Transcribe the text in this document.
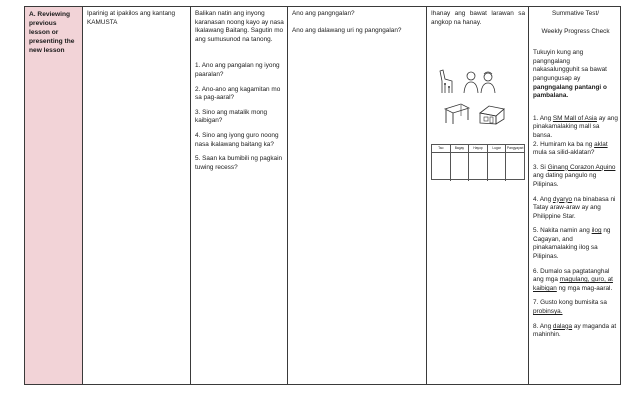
A. Reviewing previous lesson or presenting the new lesson
Iparinig at ipakilos ang kantang KAMUSTA

Balikan natin ang inyong karanasan noong kayo ay nasa Ikalawang Baitang. Sagutin mo ang sumusunod na tanong.

1. Ano ang pangalan ng iyong paaralan?

2. Ano-ano ang kagamitan mo sa pag-aaral?

3. Sino ang matalik mong kaibigan?

4. Sino ang iyong guro noong nasa ikalawang baitang ka?

5. Saan ka bumibili ng pagkain tuwing recess?

Ano ang pangngalan?

Ano ang dalawang uri ng pangngalan?

Ihanay ang bawat larawan sa angkop na hanay.
Tao	Bagay	Hayop	Lugar	Pangyayari

Summative Test/

Weekly Progress Check

Tukuyin kung ang pangngalang nakasalungguhit sa bawat pangungusap ay pangngalang pantangi o pambalana.

1. Ang SM Mall of Asia ay ang pinakamalaking mall sa bansa.

2. Humiram ka ba ng aklat mula sa silid-aklatan?

3. Si Ginang Corazon Aquino ang dating pangulo ng Pilipinas.

4. Ang dyaryo na binabasa ni Tatay araw-araw ay ang Philippine Star.

5. Nakita namin ang ilog ng Cagayan, and pinakamalaking ilog sa Pilipinas.

6. Dumalo sa pagtatanghal ang mga magulang, guro, at kaibigan ng mga mag-aaral.

7. Gusto kong bumisita sa probinsya.

8. Ang dalaga ay maganda at mahinhin.
